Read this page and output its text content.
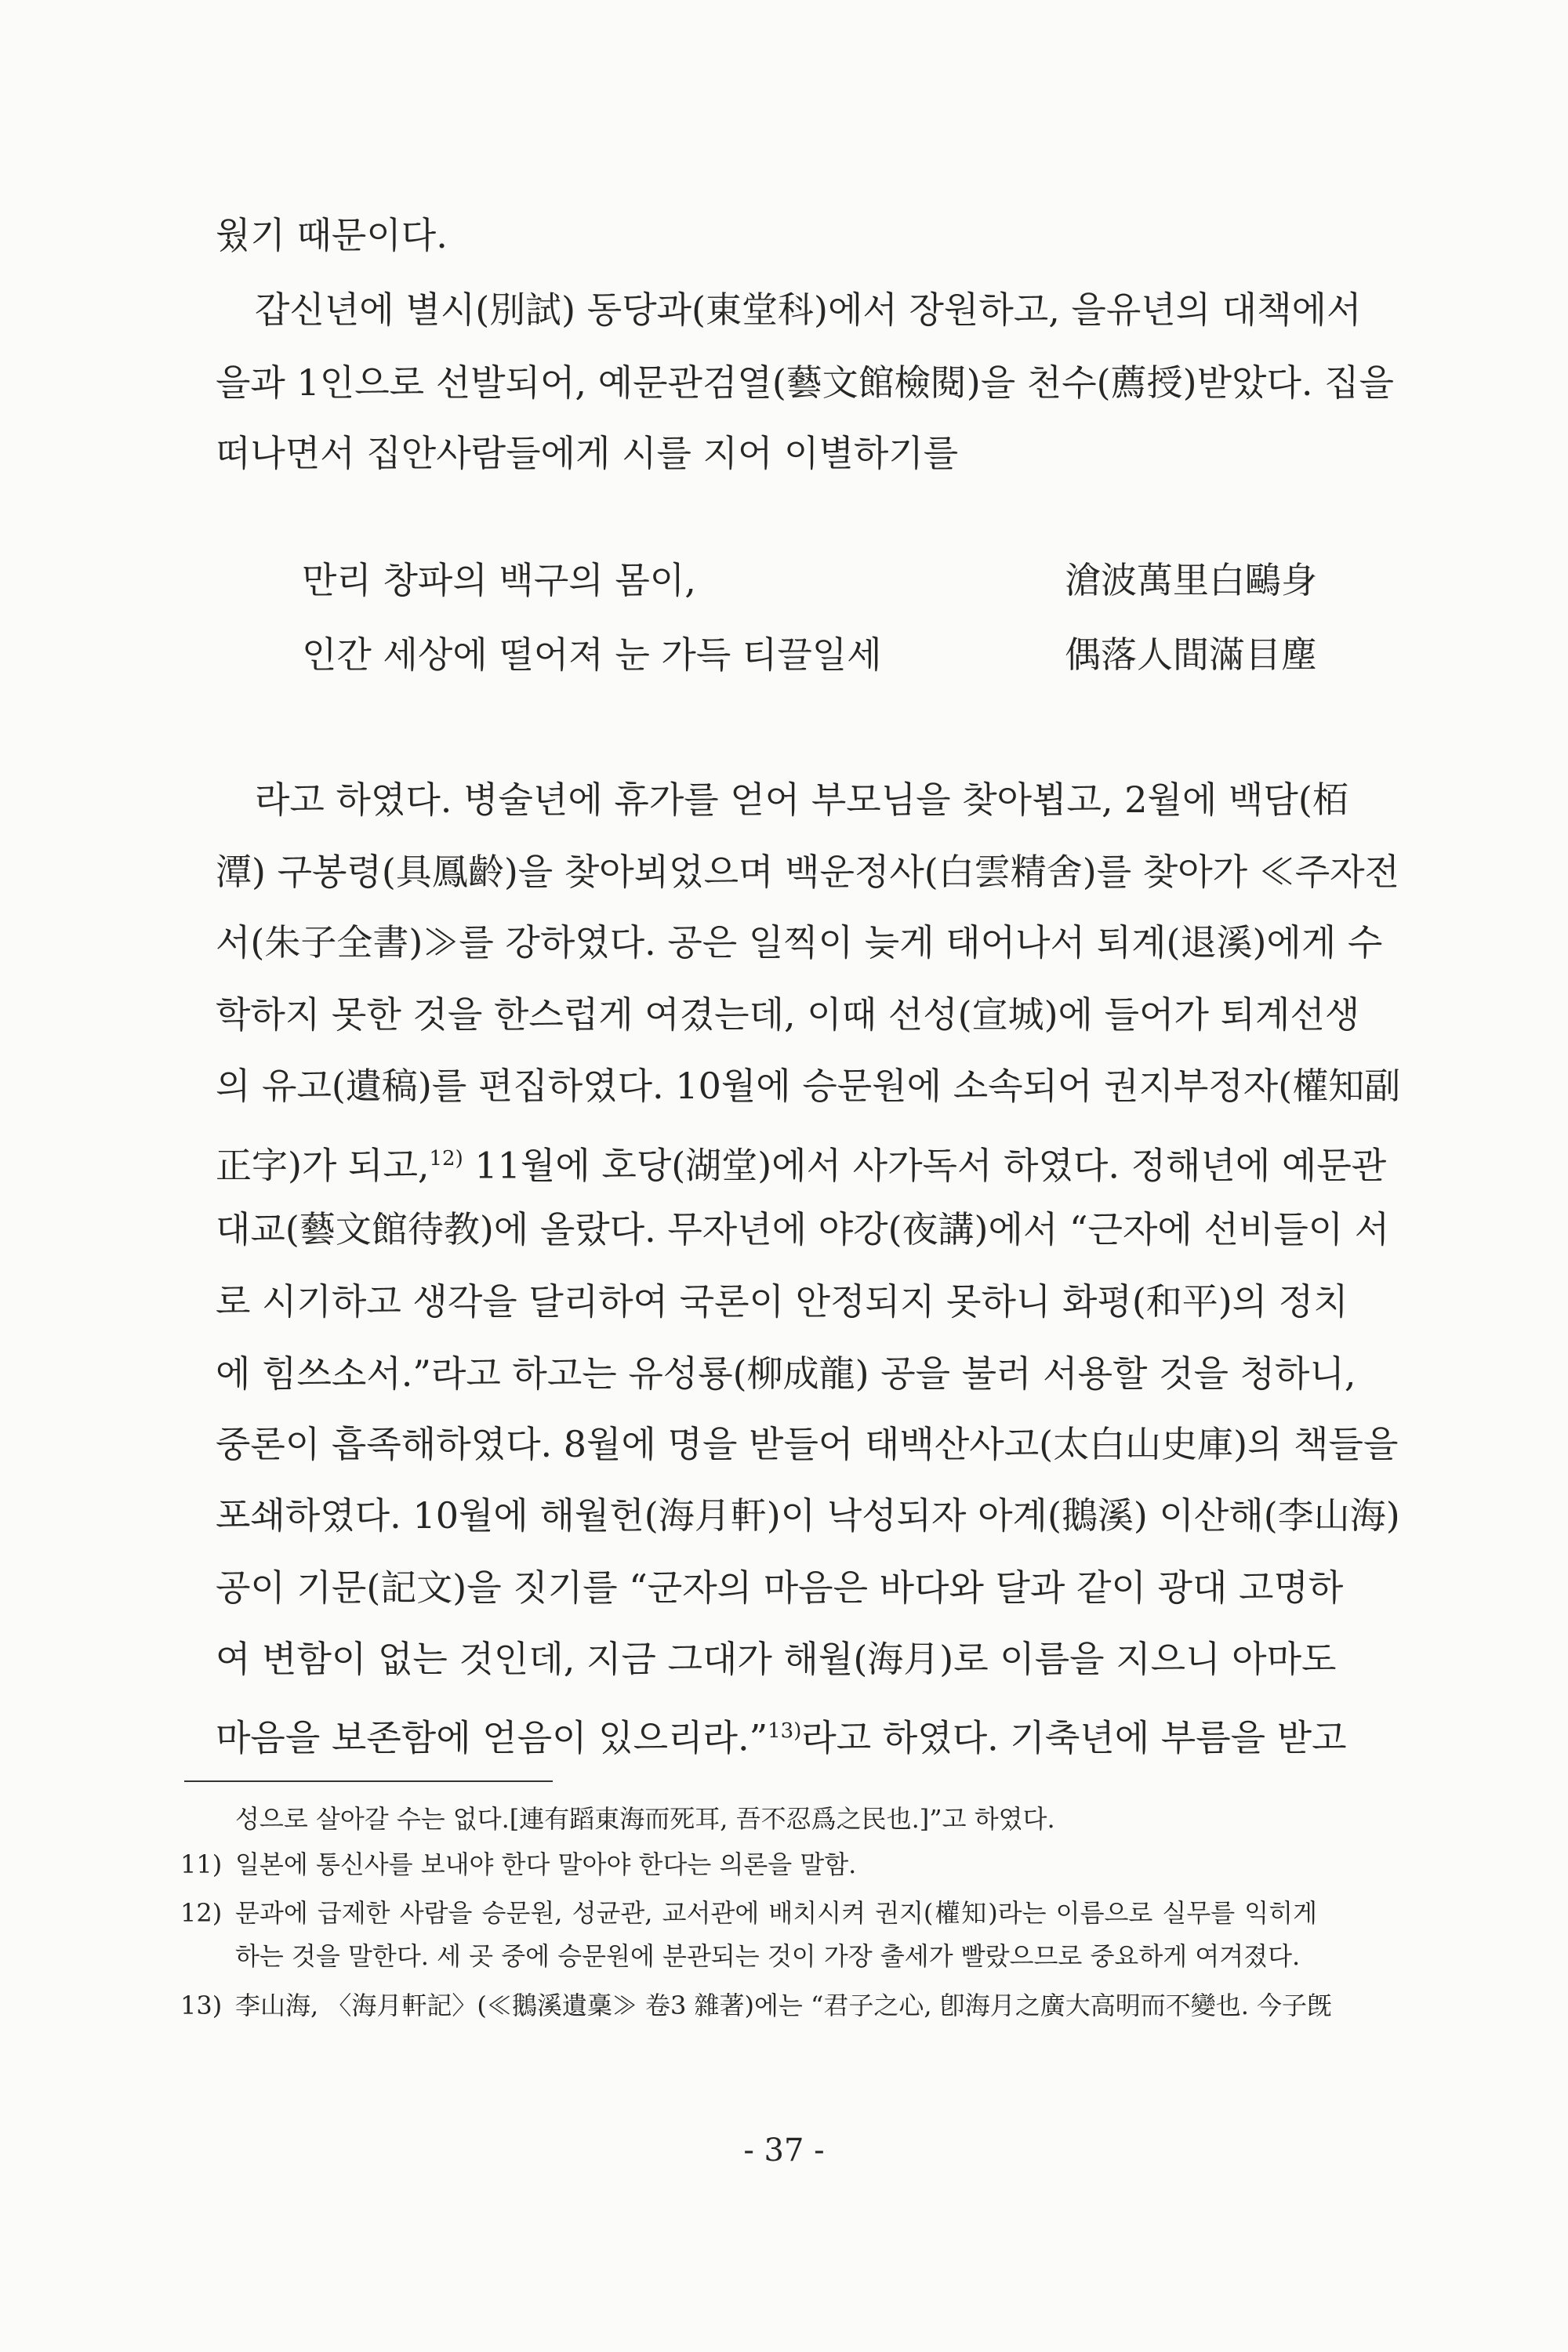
웠기 때문이다.
갑신년에 별시(別試) 동당과(東堂科)에서 장원하고, 을유년의 대책에서
을과 1인으로 선발되어, 예문관검열(藝文館檢閱)을 천수(薦授)받았다. 집을
떠나면서 집안사람들에게 시를 지어 이별하기를
만리 창파의 백구의 몸이,	滄波萬里白鷗身
인간 세상에 떨어져 눈 가득 티끌일세	偶落人間滿目塵
라고 하였다. 병술년에 휴가를 얻어 부모님을 찾아뵙고, 2월에 백담(栢
潭) 구봉령(具鳳齡)을 찾아뵈었으며 백운정사(白雲精舍)를 찾아가 ≪주자전
서(朱子全書)≫를 강하였다. 공은 일찍이 늦게 태어나서 퇴계(退溪)에게 수
학하지 못한 것을 한스럽게 여겼는데, 이때 선성(宣城)에 들어가 퇴계선생
의 유고(遺稿)를 편집하였다. 10월에 승문원에 소속되어 권지부정자(權知副
正字)가 되고,$^{12)}$ 11월에 호당(湖堂)에서 사가독서 하였다. 정해년에 예문관
대교(藝文館待教)에 올랐다. 무자년에 야강(夜講)에서 “근자에 선비들이 서
로 시기하고 생각을 달리하여 국론이 안정되지 못하니 화평(和平)의 정치
에 힘쓰소서.”라고 하고는 유성룡(柳成龍) 공을 불러 서용할 것을 청하니,
중론이 흡족해하였다. 8월에 명을 받들어 태백산사고(太白山史庫)의 책들을
포쇄하였다. 10월에 해월헌(海月軒)이 낙성되자 아계(鵝溪) 이산해(李山海)
공이 기문(記文)을 짓기를 “군자의 마음은 바다와 달과 같이 광대 고명하
여 변함이 없는 것인데, 지금 그대가 해월(海月)로 이름을 지으니 아마도
마음을 보존함에 얻음이 있으리라.”$^{13)}$라고 하였다. 기축년에 부름을 받고
성으로 살아갈 수는 없다.[連有蹈東海而死耳, 吾不忍爲之民也.]”고 하였다.
11) 일본에 통신사를 보내야 한다 말아야 한다는 의론을 말함.
12) 문과에 급제한 사람을 승문원, 성균관, 교서관에 배치시켜 권지(權知)라는 이름으로 실무를 익히게
하는 것을 말한다. 세 곳 중에 승문원에 분관되는 것이 가장 출세가 빨랐으므로 중요하게 여겨졌다.
13) 李山海, 〈海月軒記〉(≪鵝溪遺稾≫ 卷3 雜著)에는 “君子之心, 卽海月之廣大高明而不變也. 今子旣
- 37 -
